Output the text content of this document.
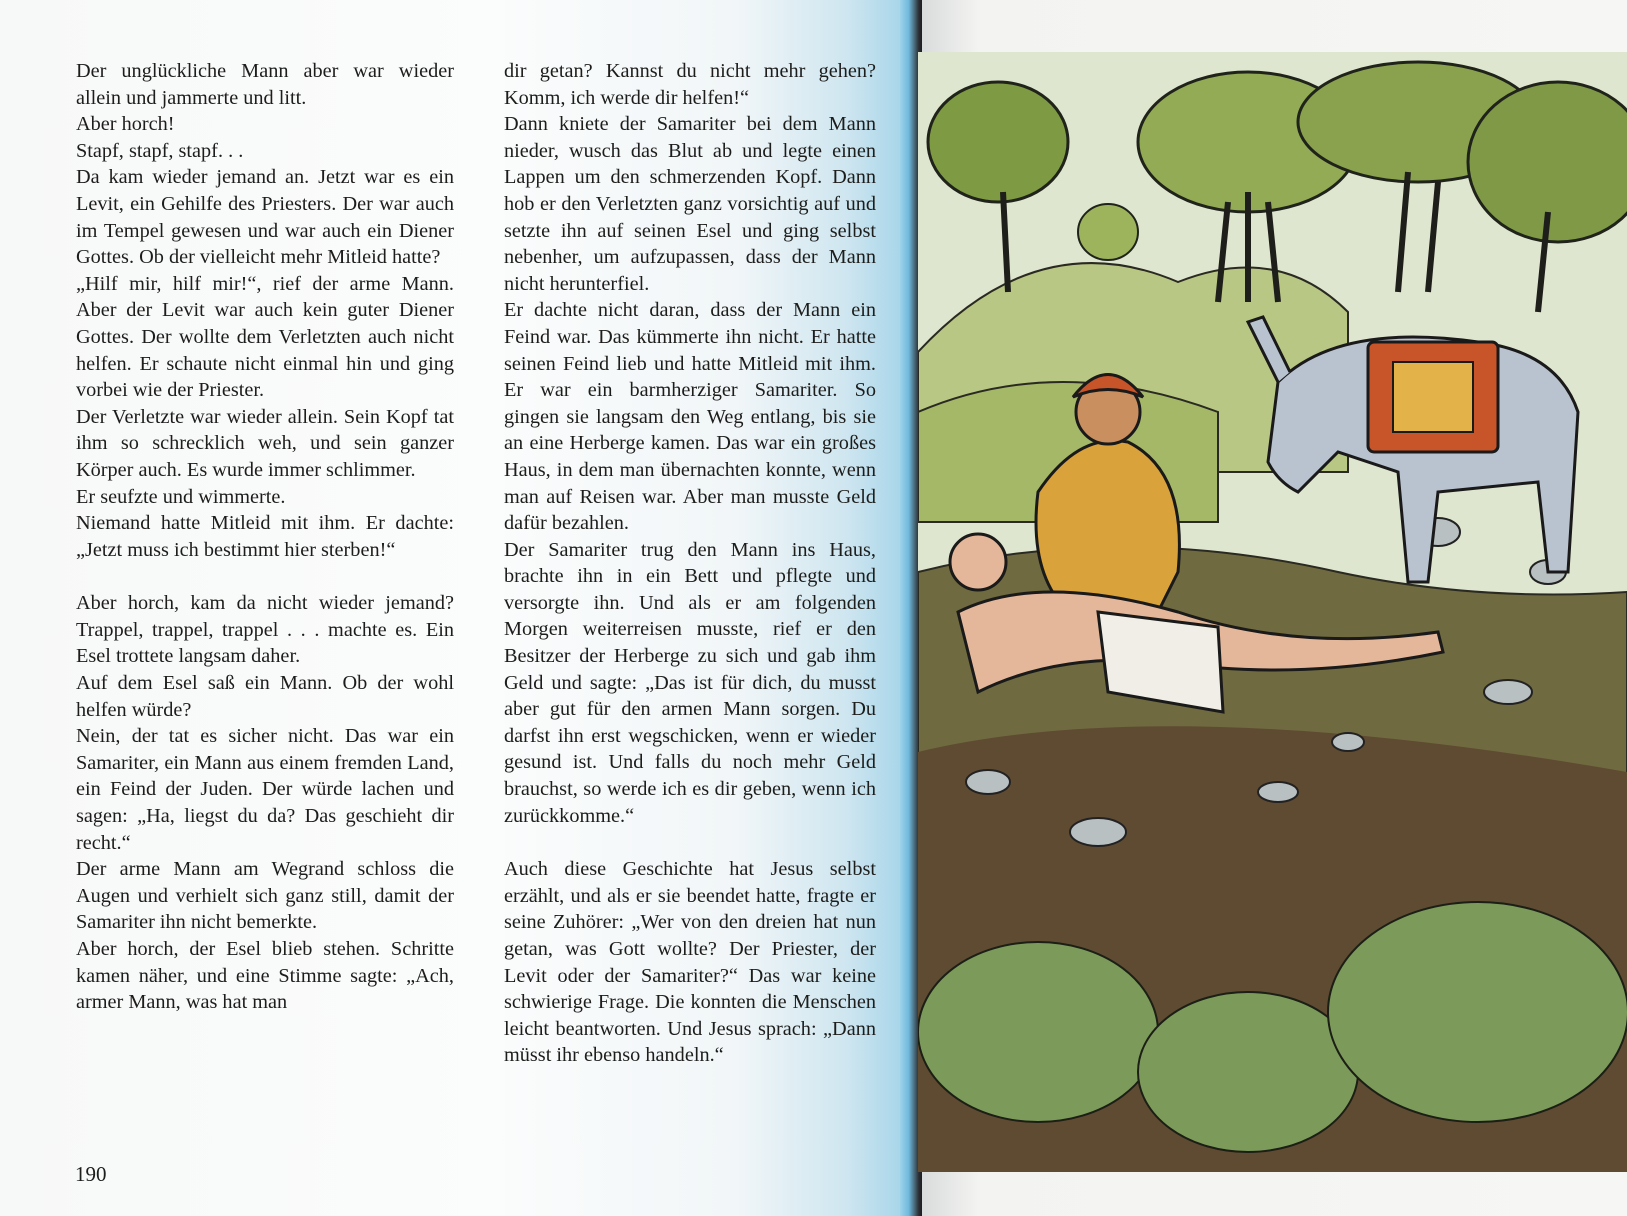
Der unglückliche Mann aber war wieder allein und jammerte und litt.

Aber horch!

Stapf, stapf, stapf. . .

Da kam wieder jemand an. Jetzt war es ein Levit, ein Gehilfe des Priesters. Der war auch im Tempel gewesen und war auch ein Diener Gottes. Ob der vielleicht mehr Mitleid hatte?

„Hilf mir, hilf mir!“, rief der arme Mann. Aber der Levit war auch kein guter Diener Gottes. Der wollte dem Verletzten auch nicht helfen. Er schaute nicht einmal hin und ging vorbei wie der Priester.

Der Verletzte war wieder allein. Sein Kopf tat ihm so schrecklich weh, und sein ganzer Körper auch. Es wurde immer schlimmer.

Er seufzte und wimmerte.

Niemand hatte Mitleid mit ihm. Er dachte: „Jetzt muss ich bestimmt hier sterben!“

Aber horch, kam da nicht wieder jemand? Trappel, trappel, trappel . . . machte es. Ein Esel trottete langsam daher.

Auf dem Esel saß ein Mann. Ob der wohl helfen würde?

Nein, der tat es sicher nicht. Das war ein Samariter, ein Mann aus einem fremden Land, ein Feind der Juden. Der würde lachen und sagen: „Ha, liegst du da? Das geschieht dir recht.“

Der arme Mann am Wegrand schloss die Augen und verhielt sich ganz still, damit der Samariter ihn nicht bemerkte.

Aber horch, der Esel blieb stehen. Schritte kamen näher, und eine Stimme sagte: „Ach, armer Mann, was hat man

dir getan? Kannst du nicht mehr gehen? Komm, ich werde dir helfen!“

Dann kniete der Samariter bei dem Mann nieder, wusch das Blut ab und legte einen Lappen um den schmerzenden Kopf. Dann hob er den Verletzten ganz vorsichtig auf und setzte ihn auf seinen Esel und ging selbst nebenher, um aufzupassen, dass der Mann nicht herunterfiel.

Er dachte nicht daran, dass der Mann ein Feind war. Das kümmerte ihn nicht. Er hatte seinen Feind lieb und hatte Mitleid mit ihm. Er war ein barmherziger Samariter. So gingen sie langsam den Weg entlang, bis sie an eine Herberge kamen. Das war ein großes Haus, in dem man übernachten konnte, wenn man auf Reisen war. Aber man musste Geld dafür bezahlen.

Der Samariter trug den Mann ins Haus, brachte ihn in ein Bett und pflegte und versorgte ihn. Und als er am folgenden Morgen weiterreisen musste, rief er den Besitzer der Herberge zu sich und gab ihm Geld und sagte: „Das ist für dich, du musst aber gut für den armen Mann sorgen. Du darfst ihn erst wegschicken, wenn er wieder gesund ist. Und falls du noch mehr Geld brauchst, so werde ich es dir geben, wenn ich zurückkomme.“

Auch diese Geschichte hat Jesus selbst erzählt, und als er sie beendet hatte, fragte er seine Zuhörer: „Wer von den dreien hat nun getan, was Gott wollte? Der Priester, der Levit oder der Samariter?“ Das war keine schwierige Frage. Die konnten die Menschen leicht beantworten. Und Jesus sprach: „Dann müsst ihr ebenso handeln.“

190
